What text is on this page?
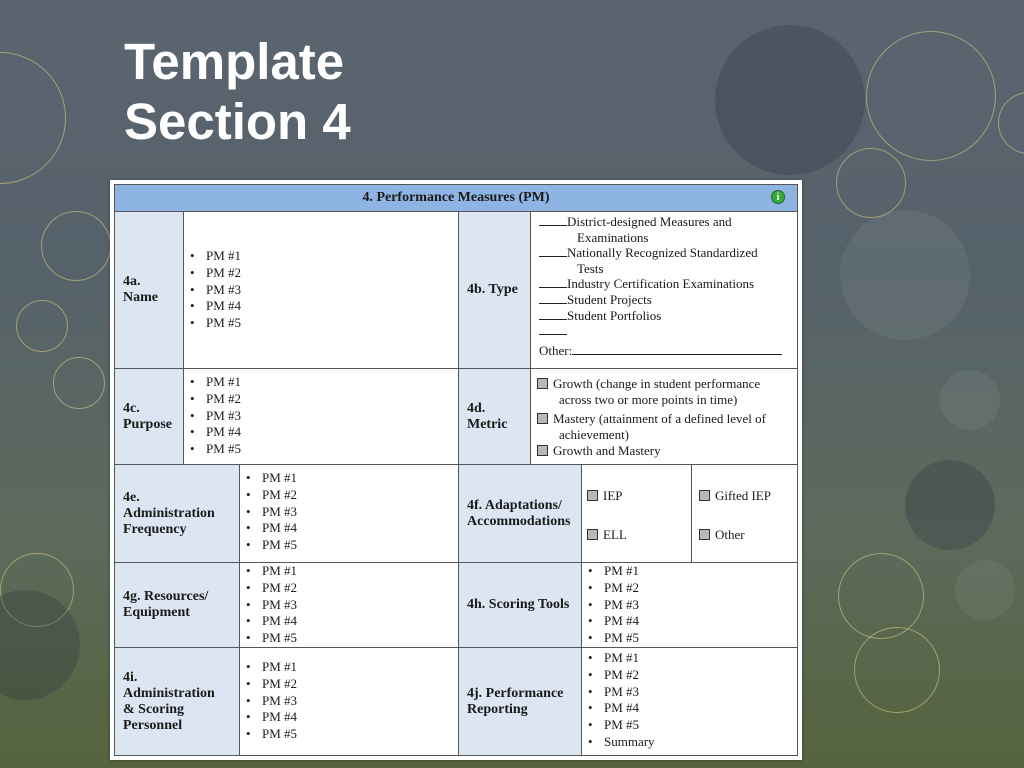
Template
Section 4
4. Performance Measures (PM)	i
4a. Name
• PM #1
• PM #2
• PM #3
• PM #4
• PM #5
4b. Type
District-designed Measures and
Examinations
Nationally Recognized Standardized
Tests
Industry Certification Examinations
Student Projects
Student Portfolios
Other:
4c.
Purpose
• PM #1
• PM #2
• PM #3
• PM #4
• PM #5
4d.
Metric
Growth (change in student performance
across two or more points in time)
Mastery (attainment of a defined level of
achievement)
Growth and Mastery
4e.
Administration
Frequency
• PM #1
• PM #2
• PM #3
• PM #4
• PM #5
4f. Adaptations/
Accommodations
IEP
ELL
Gifted IEP
Other
4g. Resources/
Equipment
• PM #1
• PM #2
• PM #3
• PM #4
• PM #5
4h. Scoring Tools
• PM #1
• PM #2
• PM #3
• PM #4
• PM #5
4i. Administration
& Scoring
Personnel
• PM #1
• PM #2
• PM #3
• PM #4
• PM #5
4j. Performance
Reporting
• PM #1
• PM #2
• PM #3
• PM #4
• PM #5
• Summary
